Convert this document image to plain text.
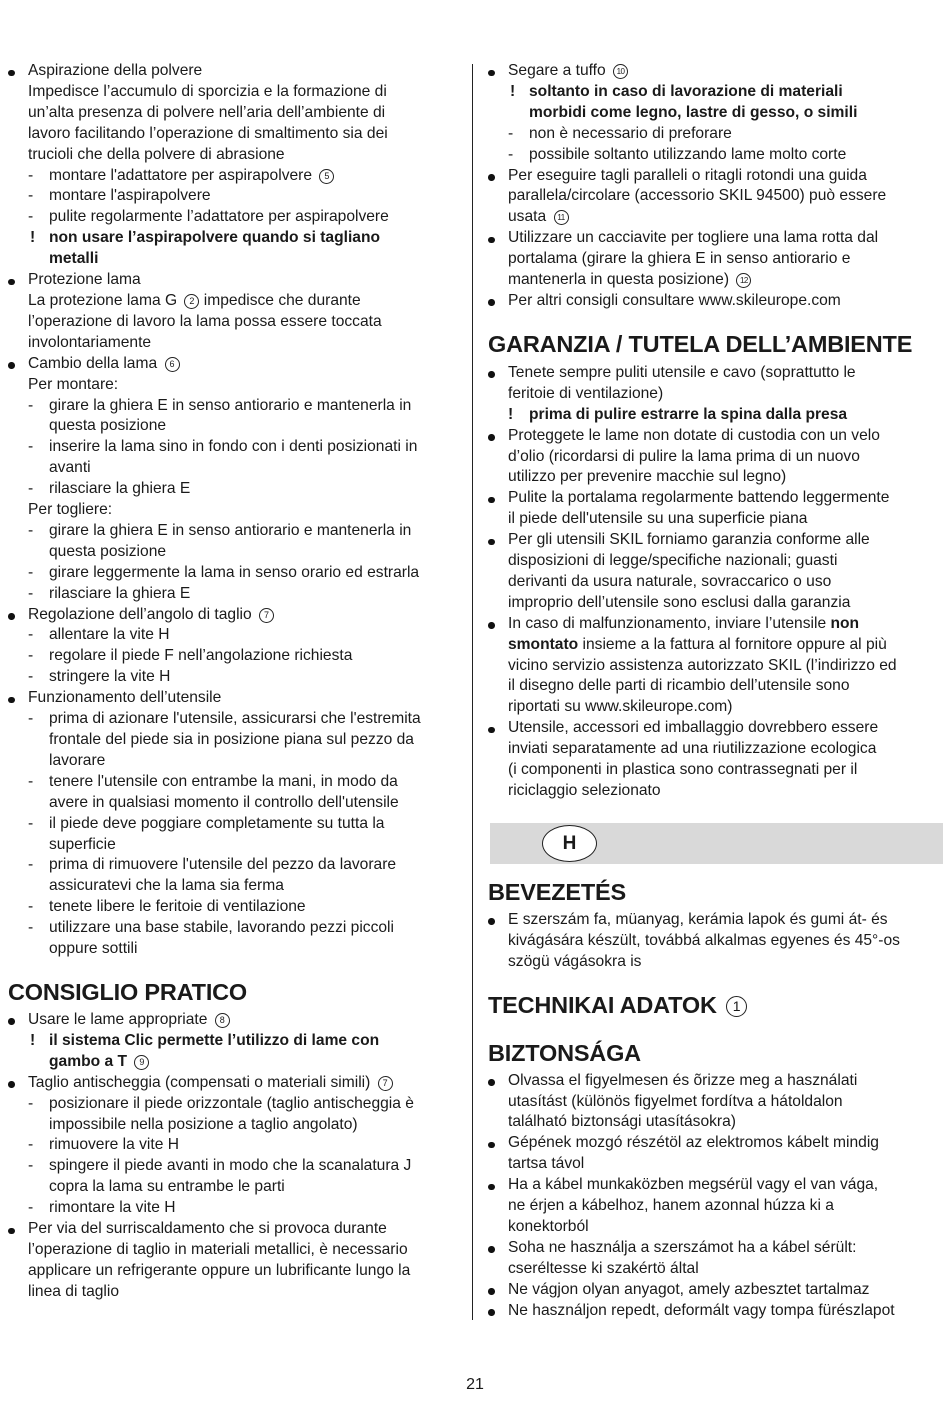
Aspirazione della polvere
Impedisce l’accumulo di sporcizia e la formazione di
un’alta presenza di polvere nell’aria dell’ambiente di
lavoro facilitando l’operazione di smaltimento sia dei
trucioli che della polvere di abrasione
- montare l'adattatore per aspirapolvere 5
- montare l'aspirapolvere
- pulite regolarmente l’adattatore per aspirapolvere
! non usare l’aspirapolvere quando si tagliano
metalli
Protezione lama
La protezione lama G 2 impedisce che durante
l’operazione di lavoro la lama possa essere toccata
involontariamente
Cambio della lama 6
Per montare:
- girare la ghiera E in senso antiorario e mantenerla in
questa posizione
- inserire la lama sino in fondo con i denti posizionati in
avanti
- rilasciare la ghiera E
Per togliere:
- girare la ghiera E in senso antiorario e mantenerla in
questa posizione
- girare leggermente la lama in senso orario ed estrarla
- rilasciare la ghiera E
Regolazione dell’angolo di taglio 7
- allentare la vite H
- regolare il piede F nell’angolazione richiesta
- stringere la vite H
Funzionamento dell’utensile
- prima di azionare l'utensile, assicurarsi che l'estremita
frontale del piede sia in posizione piana sul pezzo da
lavorare
- tenere l'utensile con entrambe la mani, in modo da
avere in qualsiasi momento il controllo dell'utensile
- il piede deve poggiare completamente su tutta la
superficie
- prima di rimuovere l'utensile del pezzo da lavorare
assicuratevi che la lama sia ferma
- tenete libere le feritoie di ventilazione
- utilizzare una base stabile, lavorando pezzi piccoli
oppure sottili
CONSIGLIO PRATICO
Usare le lame appropriate 8
! il sistema Clic permette l’utilizzo di lame con
gambo a T 9
Taglio antischeggia (compensati o materiali simili) 7
- posizionare il piede orizzontale (taglio antischeggia è
impossibile nella posizione a taglio angolato)
- rimuovere la vite H
- spingere il piede avanti in modo che la scanalatura J
copra la lama su entrambe le parti
- rimontare la vite H
Per via del surriscaldamento che si provoca durante
l’operazione di taglio in materiali metallici, è necessario
applicare un refrigerante oppure un lubrificante lungo la
linea di taglio
Segare a tuffo 10
! soltanto in caso di lavorazione di materiali
morbidi come legno, lastre di gesso, o simili
- non è necessario di preforare
- possibile soltanto utilizzando lame molto corte
Per eseguire tagli paralleli o ritagli rotondi una guida
parallela/circolare (accessorio SKIL 94500) può essere
usata 11
Utilizzare un cacciavite per togliere una lama rotta dal
portalama (girare la ghiera E in senso antiorario e
mantenerla in questa posizione) 12
Per altri consigli consultare www.skileurope.com
GARANZIA / TUTELA DELL’AMBIENTE
Tenete sempre puliti utensile e cavo (soprattutto le
feritoie di ventilazione)
! prima di pulire estrarre la spina dalla presa
Proteggete le lame non dotate di custodia con un velo
d’olio (ricordarsi di pulire la lama prima di un nuovo
utilizzo per prevenire macchie sul legno)
Pulite la portalama regolarmente battendo leggermente
il piede dell'utensile su una superficie piana
Per gli utensili SKIL forniamo garanzia conforme alle
disposizioni di legge/specifiche nazionali; guasti
derivanti da usura naturale, sovraccarico o uso
improprio dell’utensile sono esclusi dalla garanzia
In caso di malfunzionamento, inviare l’utensile non
smontato insieme a la fattura al fornitore oppure al più
vicino servizio assistenza autorizzato SKIL (l’indirizzo ed
il disegno delle parti di ricambio dell’utensile sono
riportati su www.skileurope.com)
Utensile, accessori ed imballaggio dovrebbero essere
inviati separatamente ad una riutilizzazione ecologica
(i componenti in plastica sono contrassegnati per il
riciclaggio selezionato
H
BEVEZETÉS
E szerszám fa, müanyag, kerámia lapok és gumi át- és
kivágására készült, továbbá alkalmas egyenes és 45°-os
szögü vágásokra is
TECHNIKAI ADATOK 1
BIZTONSÁGA
Olvassa el figyelmesen és õrizze meg a használati
utasítást (különös figyelmet fordítva a hátoldalon
található biztonsági utasításokra)
Gépének mozgó részétöl az elektromos kábelt mindig
tartsa távol
Ha a kábel munkaközben megsérül vagy el van vága,
ne érjen a kábelhoz, hanem azonnal húzza ki a
konektorból
Soha ne használja a szerszámot ha a kábel sérült:
cseréltesse ki szakértö által
Ne vágjon olyan anyagot, amely azbesztet tartalmaz
Ne használjon repedt, deformált vagy tompa fürészlapot
21
